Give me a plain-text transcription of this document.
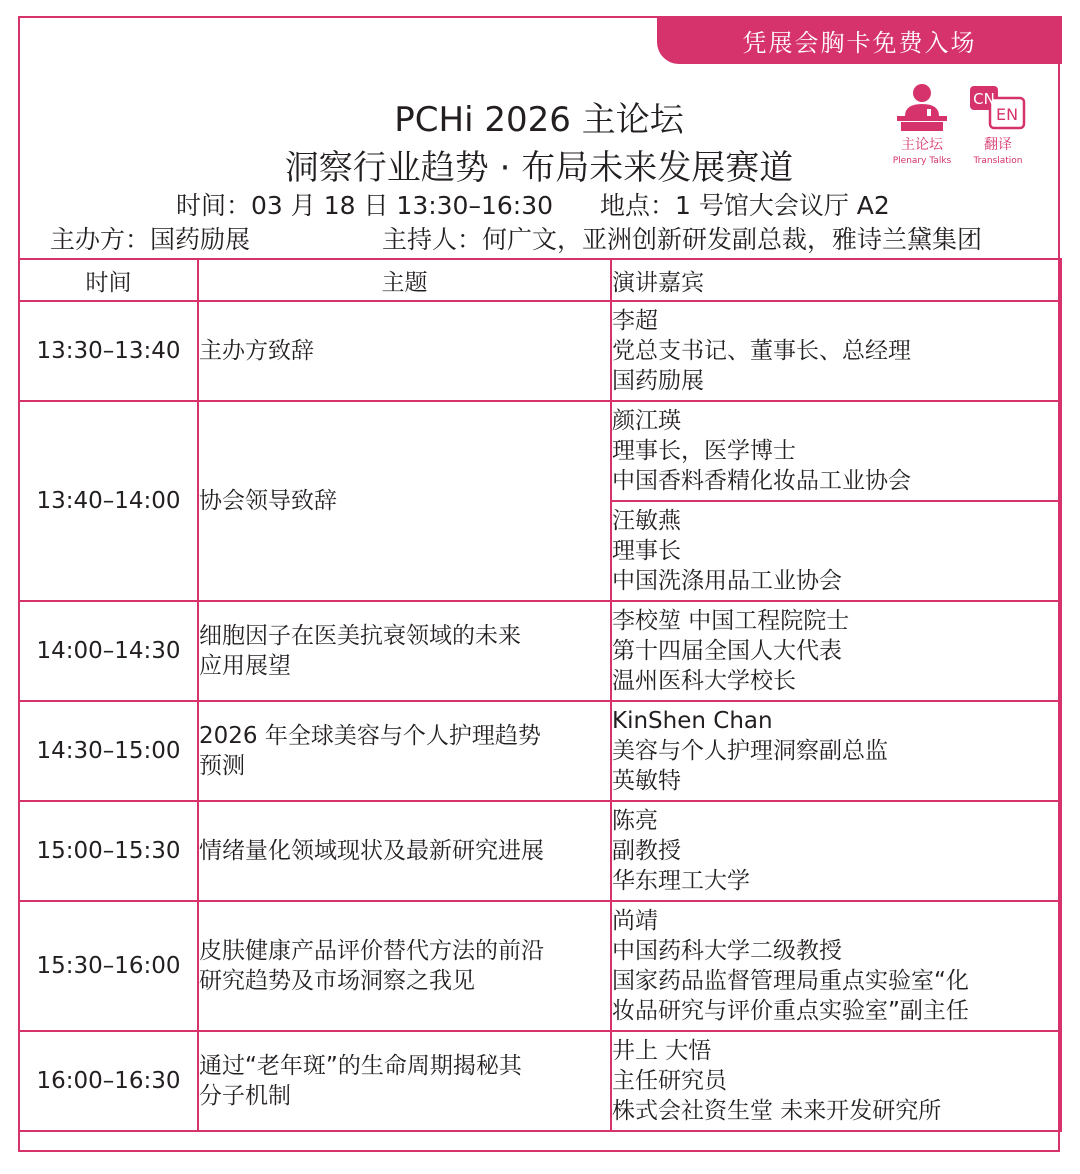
凭展会胸卡免费入场
PCHi 2026 主论坛
洞察行业趋势 · 布局未来发展赛道
时间：03 月 18 日 13:30–16:30 地点：1 号馆大会议厅 A2
主办方：国药励展	主持人：何广文，亚洲创新研发副总裁，雅诗兰黛集团
主论坛
Plenary Talks
CN
EN
翻译
Translation
时间	主题	演讲嘉宾
13:30–13:40	主办方致辞	李超
党总支书记、董事长、总经理
国药励展

13:40–14:00	协会领导致辞	颜江瑛
理事长，医学博士
中国香料香精化妆品工业协会

		汪敏燕
理事长
中国洗涤用品工业协会

14:00–14:30	细胞因子在医美抗衰领域的未来
应用展望	李校堃 中国工程院院士
第十四届全国人大代表
温州医科大学校长

14:30–15:00	2026 年全球美容与个人护理趋势
预测	KinShen Chan
美容与个人护理洞察副总监
英敏特

15:00–15:30	情绪量化领域现状及最新研究进展	陈亮
副教授
华东理工大学

15:30–16:00	皮肤健康产品评价替代方法的前沿
研究趋势及市场洞察之我见	尚靖
中国药科大学二级教授
国家药品监督管理局重点实验室“化
妆品研究与评价重点实验室”副主任

16:00–16:30	通过“老年斑”的生命周期揭秘其
分子机制	井上 大悟
主任研究员
株式会社资生堂 未来开发研究所
